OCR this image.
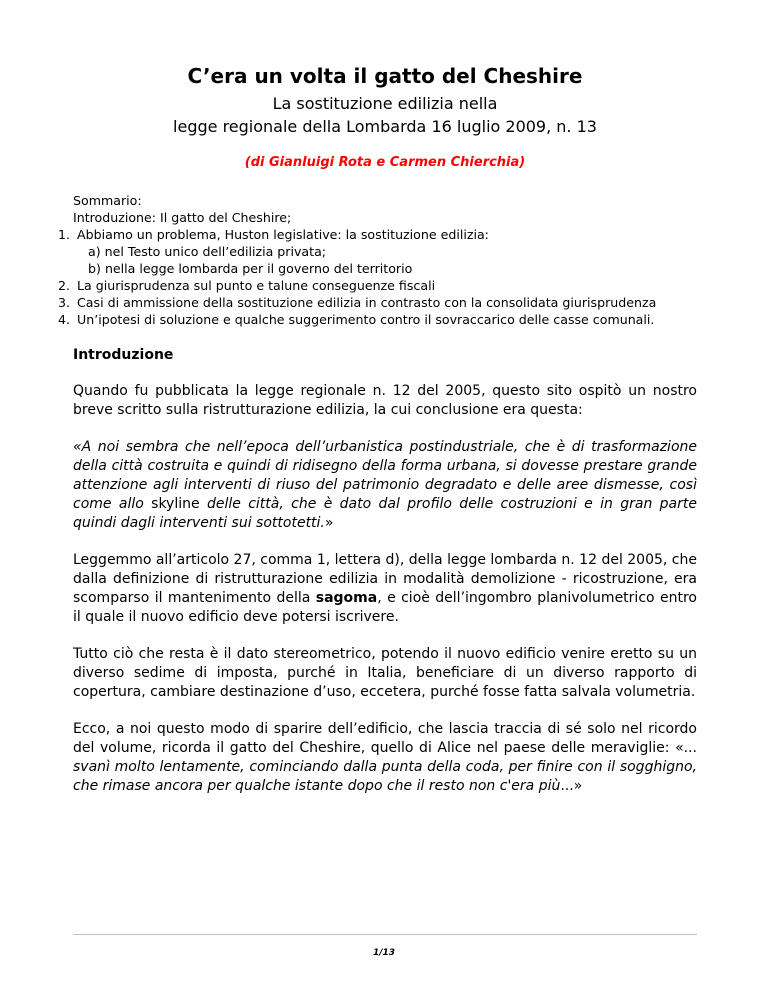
C’era un volta il gatto del Cheshire
La sostituzione edilizia nella
legge regionale della Lombarda 16 luglio 2009, n. 13
(di Gianluigi Rota e Carmen Chierchia)
Sommario:
Introduzione: Il gatto del Cheshire;
1. Abbiamo un problema, Huston legislative: la sostituzione edilizia:
a) nel Testo unico dell’edilizia privata;
b) nella legge lombarda per il governo del territorio
2. La giurisprudenza sul punto e talune conseguenze fiscali
3. Casi di ammissione della sostituzione edilizia in contrasto con la consolidata giurisprudenza
4. Un’ipotesi di soluzione e qualche suggerimento contro il sovraccarico delle casse comunali.
Introduzione

Quando fu pubblicata la legge regionale n. 12 del 2005, questo sito ospitò un nostro breve scritto sulla ristrutturazione edilizia, la cui conclusione era questa:

«A noi sembra che nell’epoca dell’urbanistica postindustriale, che è di trasformazione della città costruita e quindi di ridisegno della forma urbana, si dovesse prestare grande attenzione agli interventi di riuso del patrimonio degradato e delle aree dismesse, così come allo skyline delle città, che è dato dal profilo delle costruzioni e in gran parte quindi dagli interventi sui sottotetti.»

Leggemmo all’articolo 27, comma 1, lettera d), della legge lombarda n. 12 del 2005, che dalla definizione di ristrutturazione edilizia in modalità demolizione - ricostruzione, era scomparso il mantenimento della sagoma, e cioè dell’ingombro planivolumetrico entro il quale il nuovo edificio deve potersi iscrivere.

Tutto ciò che resta è il dato stereometrico, potendo il nuovo edificio venire eretto su un diverso sedime di imposta, purché in Italia, beneficiare di un diverso rapporto di copertura, cambiare destinazione d’uso, eccetera, purché fosse fatta salvala volumetria.

Ecco, a noi questo modo di sparire dell’edificio, che lascia traccia di sé solo nel ricordo del volume, ricorda il gatto del Cheshire, quello di Alice nel paese delle meraviglie: «... svanì molto lentamente, cominciando dalla punta della coda, per finire con il sogghigno, che rimase ancora per qualche istante dopo che il resto non c'era più...»

1/13
